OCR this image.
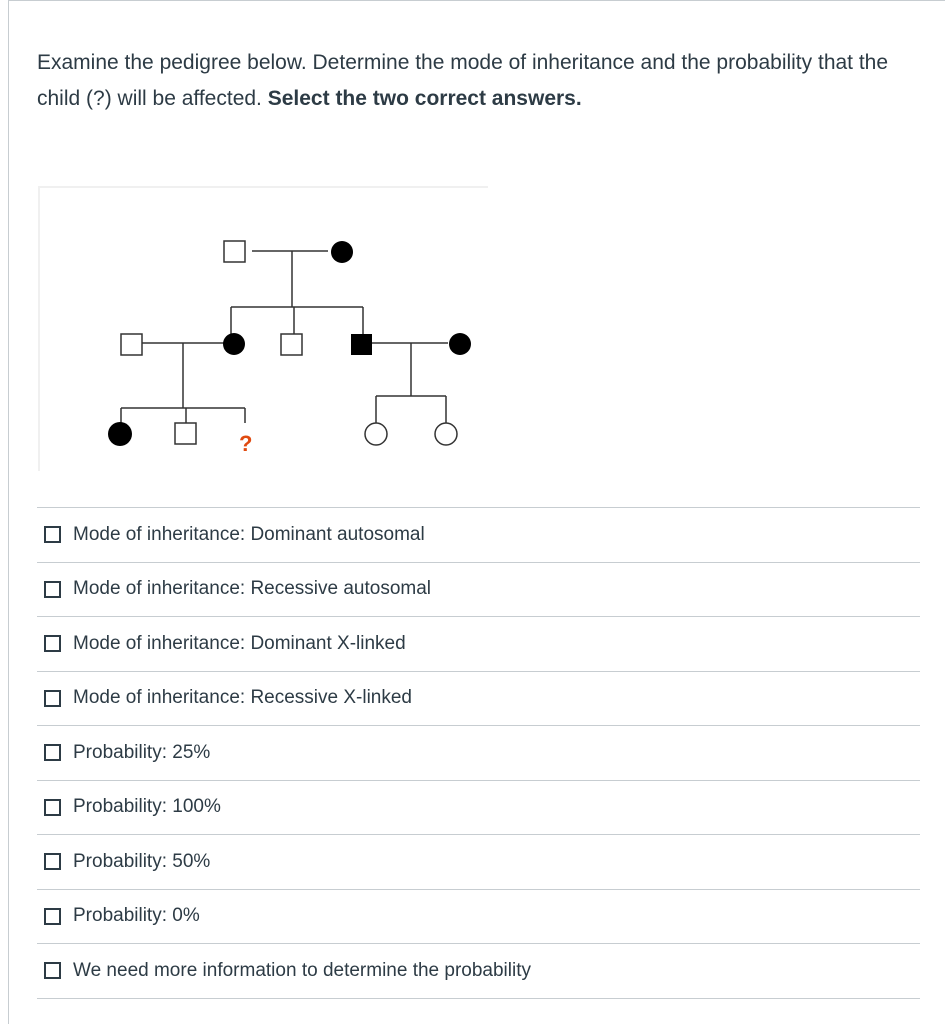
Examine the pedigree below. Determine the mode of inheritance and the probability that the child (?) will be affected. Select the two correct answers.
?
Mode of inheritance: Dominant autosomal
Mode of inheritance: Recessive autosomal
Mode of inheritance: Dominant X-linked
Mode of inheritance: Recessive X-linked
Probability: 25%
Probability: 100%
Probability: 50%
Probability: 0%
We need more information to determine the probability
